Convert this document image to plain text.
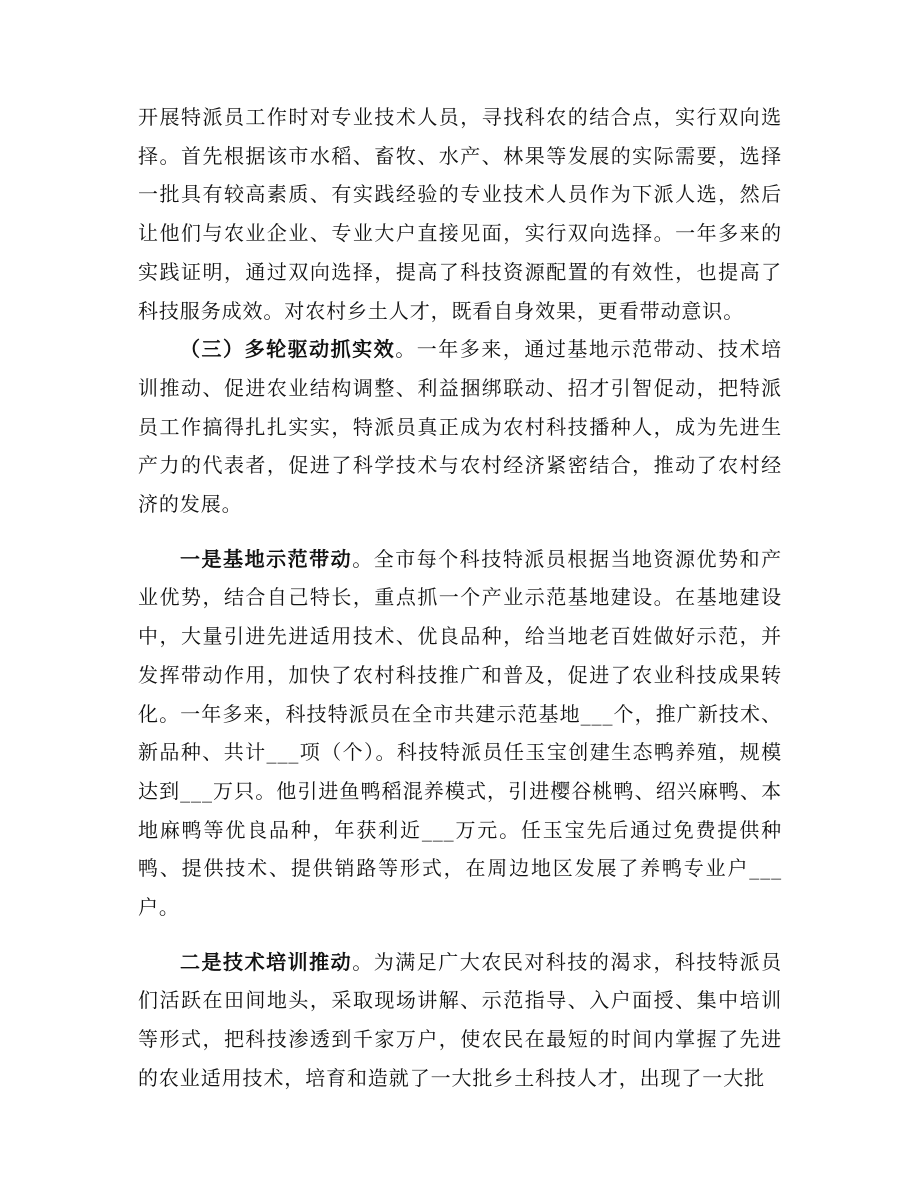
开展特派员工作时对专业技术人员，寻找科农的结合点，实行双向选择。首先根据该市水稻、畜牧、水产、林果等发展的实际需要，选择一批具有较高素质、有实践经验的专业技术人员作为下派人选，然后让他们与农业企业、专业大户直接见面，实行双向选择。一年多来的实践证明，通过双向选择，提高了科技资源配置的有效性，也提高了科技服务成效。对农村乡土人才，既看自身效果，更看带动意识。

（三）多轮驱动抓实效。一年多来，通过基地示范带动、技术培训推动、促进农业结构调整、利益捆绑联动、招才引智促动，把特派员工作搞得扎扎实实，特派员真正成为农村科技播种人，成为先进生产力的代表者，促进了科学技术与农村经济紧密结合，推动了农村经济的发展。

一是基地示范带动。全市每个科技特派员根据当地资源优势和产业优势，结合自己特长，重点抓一个产业示范基地建设。在基地建设中，大量引进先进适用技术、优良品种，给当地老百姓做好示范，并发挥带动作用，加快了农村科技推广和普及，促进了农业科技成果转化。一年多来，科技特派员在全市共建示范基地___个，推广新技术、新品种、共计___项（个）。科技特派员任玉宝创建生态鸭养殖，规模达到___万只。他引进鱼鸭稻混养模式，引进樱谷桃鸭、绍兴麻鸭、本地麻鸭等优良品种，年获利近___万元。任玉宝先后通过免费提供种鸭、提供技术、提供销路等形式，在周边地区发展了养鸭专业户___户。

二是技术培训推动。为满足广大农民对科技的渴求，科技特派员们活跃在田间地头，采取现场讲解、示范指导、入户面授、集中培训等形式，把科技渗透到千家万户，使农民在最短的时间内掌握了先进的农业适用技术，培育和造就了一大批乡土科技人才，出现了一大批
